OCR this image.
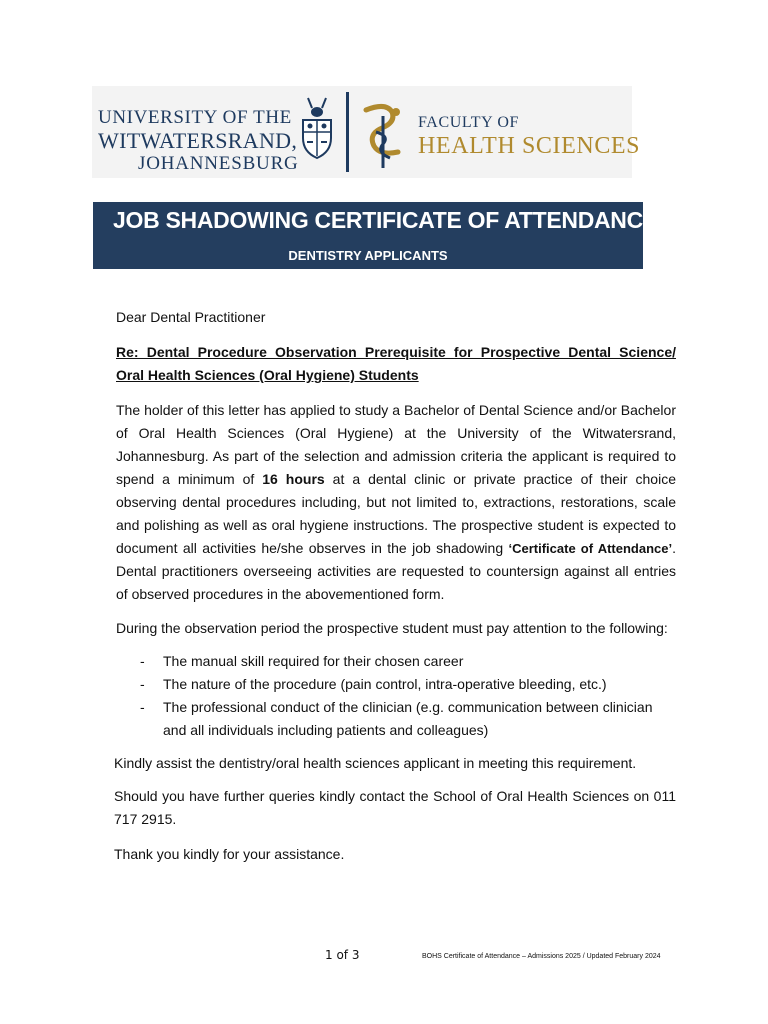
UNIVERSITY OF THE
WITWATERSRAND,
JOHANNESBURG
FACULTY OF
HEALTH SCIENCES
JOB SHADOWING CERTIFICATE OF ATTENDANCE
DENTISTRY APPLICANTS
Dear Dental Practitioner
Re: Dental Procedure Observation Prerequisite for Prospective Dental Science/
Oral Health Sciences (Oral Hygiene) Students
The holder of this letter has applied to study a Bachelor of Dental Science and/or Bachelor of Oral Health Sciences (Oral Hygiene) at the University of the Witwatersrand, Johannesburg. As part of the selection and admission criteria the applicant is required to spend a minimum of 16 hours at a dental clinic or private practice of their choice observing dental procedures including, but not limited to, extractions, restorations, scale and polishing as well as oral hygiene instructions. The prospective student is expected to document all activities he/she observes in the job shadowing ‘Certificate of Attendance’. Dental practitioners overseeing activities are requested to countersign against all entries of observed procedures in the abovementioned form.
During the observation period the prospective student must pay attention to the following:
- The manual skill required for their chosen career
- The nature of the procedure (pain control, intra-operative bleeding, etc.)
- The professional conduct of the clinician (e.g. communication between clinician and all individuals including patients and colleagues)
Kindly assist the dentistry/oral health sciences applicant in meeting this requirement.
Should you have further queries kindly contact the School of Oral Health Sciences on 011 717 2915.
Thank you kindly for your assistance.
1 of 3	BOHS Certificate of Attendance – Admissions 2025 / Updated February 2024
